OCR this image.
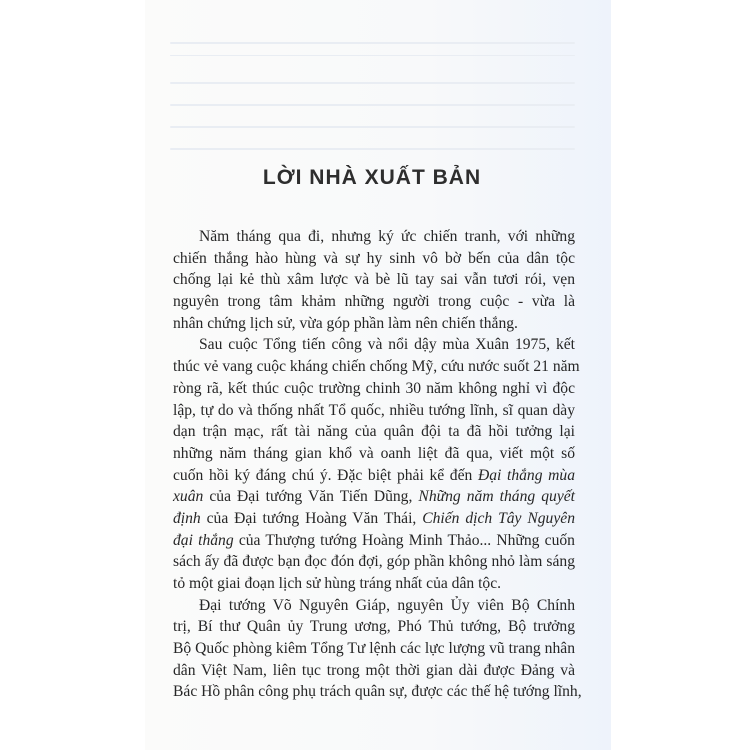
LỜI NHÀ XUẤT BẢN
Năm tháng qua đi, nhưng ký ức chiến tranh, với những
chiến thắng hào hùng và sự hy sinh vô bờ bến của dân tộc
chống lại kẻ thù xâm lược và bè lũ tay sai vẫn tươi rói, vẹn
nguyên trong tâm khảm những người trong cuộc - vừa là
nhân chứng lịch sử, vừa góp phần làm nên chiến thắng.
Sau cuộc Tổng tiến công và nổi dậy mùa Xuân 1975, kết
thúc vẻ vang cuộc kháng chiến chống Mỹ, cứu nước suốt 21 năm
ròng rã, kết thúc cuộc trường chinh 30 năm không nghỉ vì độc
lập, tự do và thống nhất Tổ quốc, nhiều tướng lĩnh, sĩ quan dày
dạn trận mạc, rất tài năng của quân đội ta đã hồi tưởng lại
những năm tháng gian khổ và oanh liệt đã qua, viết một số
cuốn hồi ký đáng chú ý. Đặc biệt phải kể đến Đại thắng mùa
xuân của Đại tướng Văn Tiến Dũng, Những năm tháng quyết
định của Đại tướng Hoàng Văn Thái, Chiến dịch Tây Nguyên
đại thắng của Thượng tướng Hoàng Minh Thảo... Những cuốn
sách ấy đã được bạn đọc đón đợi, góp phần không nhỏ làm sáng
tỏ một giai đoạn lịch sử hùng tráng nhất của dân tộc.
Đại tướng Võ Nguyên Giáp, nguyên Ủy viên Bộ Chính
trị, Bí thư Quân ủy Trung ương, Phó Thủ tướng, Bộ trưởng
Bộ Quốc phòng kiêm Tổng Tư lệnh các lực lượng vũ trang nhân
dân Việt Nam, liên tục trong một thời gian dài được Đảng và
Bác Hồ phân công phụ trách quân sự, được các thế hệ tướng lĩnh,
